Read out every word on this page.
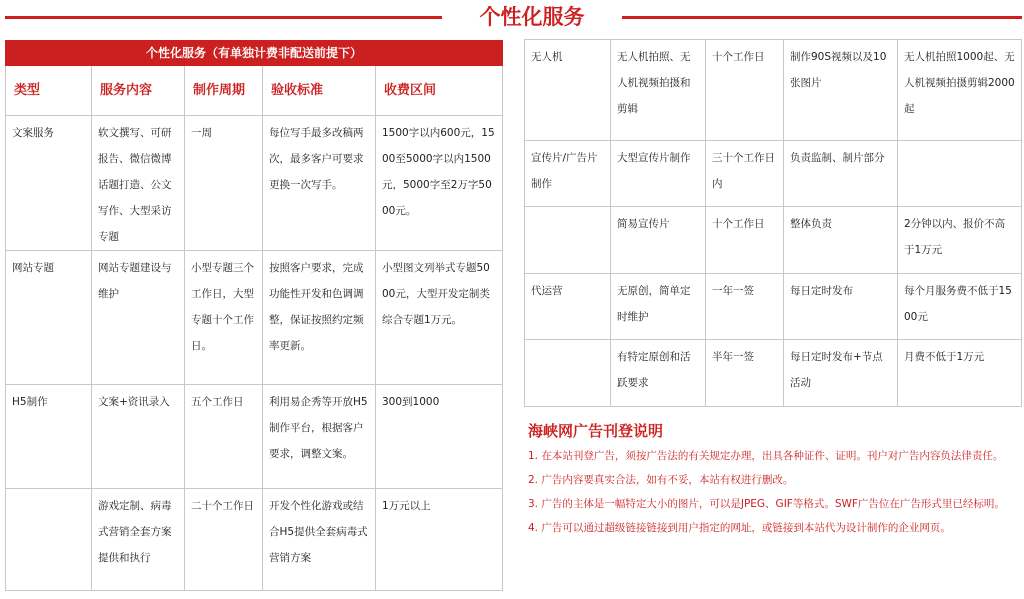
个性化服务
个性化服务（有单独计费非配送前提下）				
类型	服务内容	制作周期	验收标准	收费区间
文案服务	软文撰写、可研报告、微信微博话题打造、公文写作、大型采访专题	一周	每位写手最多改稿两次，最多客户可要求更换一次写手。	1500字以内600元，1500至5000字以内1500元，5000字至2万字5000元。
网站专题	网站专题建设与维护	小型专题三个工作日，大型专题十个工作日。	按照客户要求，完成功能性开发和色调调整，保证按照约定频率更新。	小型图文列举式专题5000元，大型开发定制类综合专题1万元。
H5制作	文案+资讯录入	五个工作日	利用易企秀等开放H5制作平台，根据客户要求，调整文案。	300到1000
	游戏定制、病毒式营销全套方案提供和执行	二十个工作日	开发个性化游戏或结合H5提供全套病毒式营销方案	1万元以上
无人机	无人机拍照、无人机视频拍摄和剪辑	十个工作日	制作90S视频以及10张图片	无人机拍照1000起、无人机视频拍摄剪辑2000起
宣传片/广告片制作	大型宣传片制作	三十个工作日内	负责监制、制片部分	
	简易宣传片	十个工作日	整体负责	2分钟以内、报价不高于1万元
代运营	无原创，简单定时维护	一年一签	每日定时发布	每个月服务费不低于1500元
	有特定原创和活跃要求	半年一签	每日定时发布+节点活动	月费不低于1万元
海峡网广告刊登说明

1. 在本站刊登广告，须按广告法的有关规定办理，出具各种证件、证明。刊户对广告内容负法律责任。

2. 广告内容要真实合法，如有不妥，本站有权进行删改。

3. 广告的主体是一幅特定大小的图片，可以是JPEG、GIF等格式。SWF广告位在广告形式里已经标明。

4. 广告可以通过超级链接链接到用户指定的网址，或链接到本站代为设计制作的企业网页。
